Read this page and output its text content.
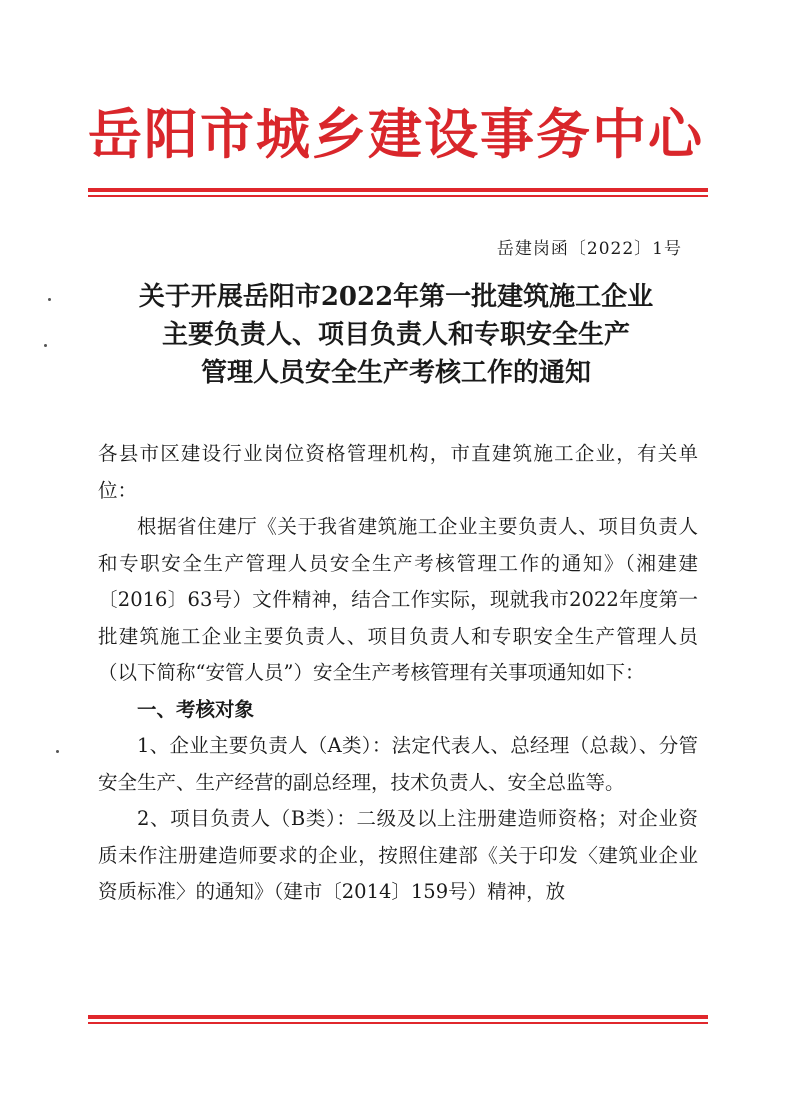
岳阳市城乡建设事务中心
岳建岗函〔2022〕1号
关于开展岳阳市2022年第一批建筑施工企业
主要负责人、项目负责人和专职安全生产
管理人员安全生产考核工作的通知

各县市区建设行业岗位资格管理机构，市直建筑施工企业，有关单位：

根据省住建厅《关于我省建筑施工企业主要负责人、项目负责人和专职安全生产管理人员安全生产考核管理工作的通知》（湘建建〔2016〕63号）文件精神，结合工作实际，现就我市2022年度第一批建筑施工企业主要负责人、项目负责人和专职安全生产管理人员（以下简称“安管人员”）安全生产考核管理有关事项通知如下：

一、考核对象

1、企业主要负责人（A类）：法定代表人、总经理（总裁）、分管安全生产、生产经营的副总经理，技术负责人、安全总监等。

2、项目负责人（B类）：二级及以上注册建造师资格；对企业资质未作注册建造师要求的企业，按照住建部《关于印发〈建筑业企业资质标准〉的通知》（建市〔2014〕159号）精神，放
